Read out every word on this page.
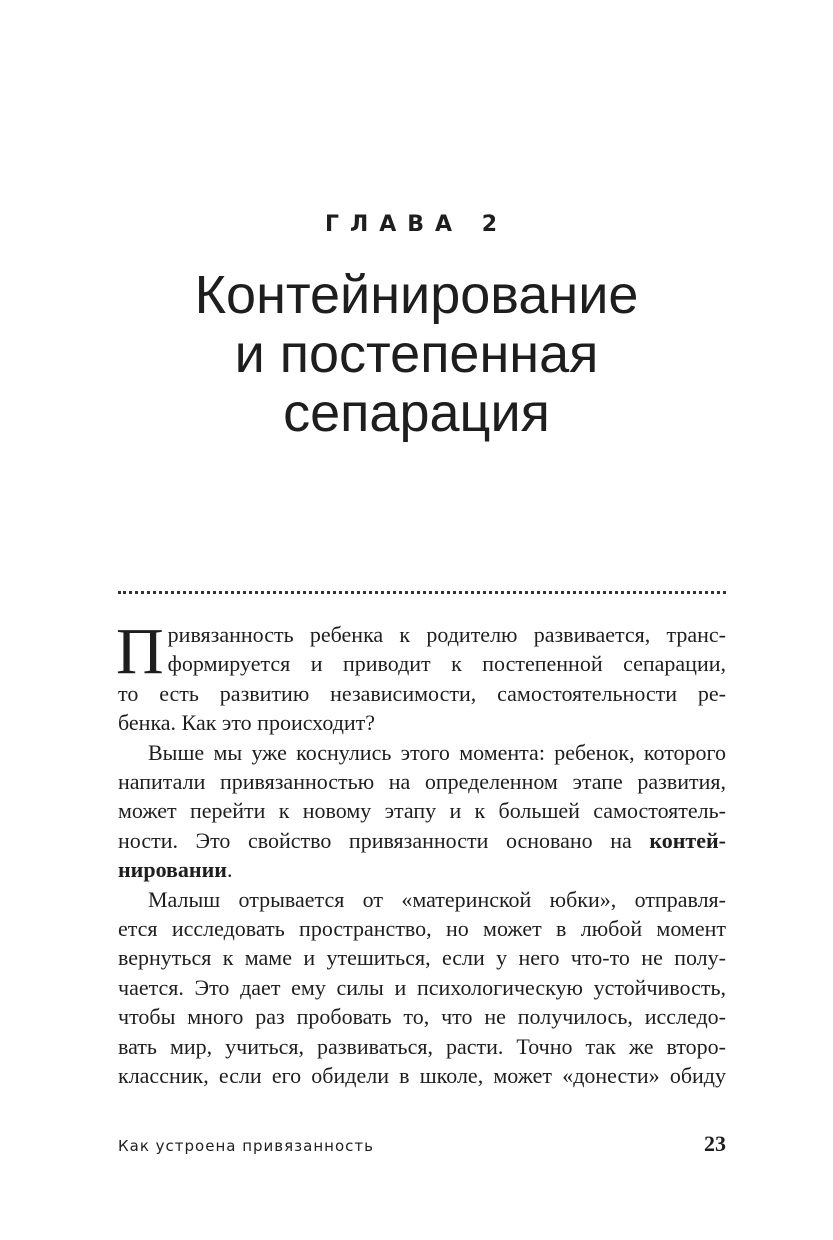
ГЛАВА 2
Контейнирование
и постепенная
сепарация
П ривязанность ребенка к родителю развивается, транс-
формируется и приводит к постепенной сепарации,
то есть развитию независимости, самостоятельности ре-
бенка. Как это происходит?
Выше мы уже коснулись этого момента: ребенок, которого
напитали привязанностью на определенном этапе развития,
может перейти к новому этапу и к большей самостоятель-
ности. Это свойство привязанности основано на контей-
нировании.
Малыш отрывается от «материнской юбки», отправля-
ется исследовать пространство, но может в любой момент
вернуться к маме и утешиться, если у него что-то не полу-
чается. Это дает ему силы и психологическую устойчивость,
чтобы много раз пробовать то, что не получилось, исследо-
вать мир, учиться, развиваться, расти. Точно так же второ-
классник, если его обидели в школе, может «донести» обиду
Как устроена привязанность	23
